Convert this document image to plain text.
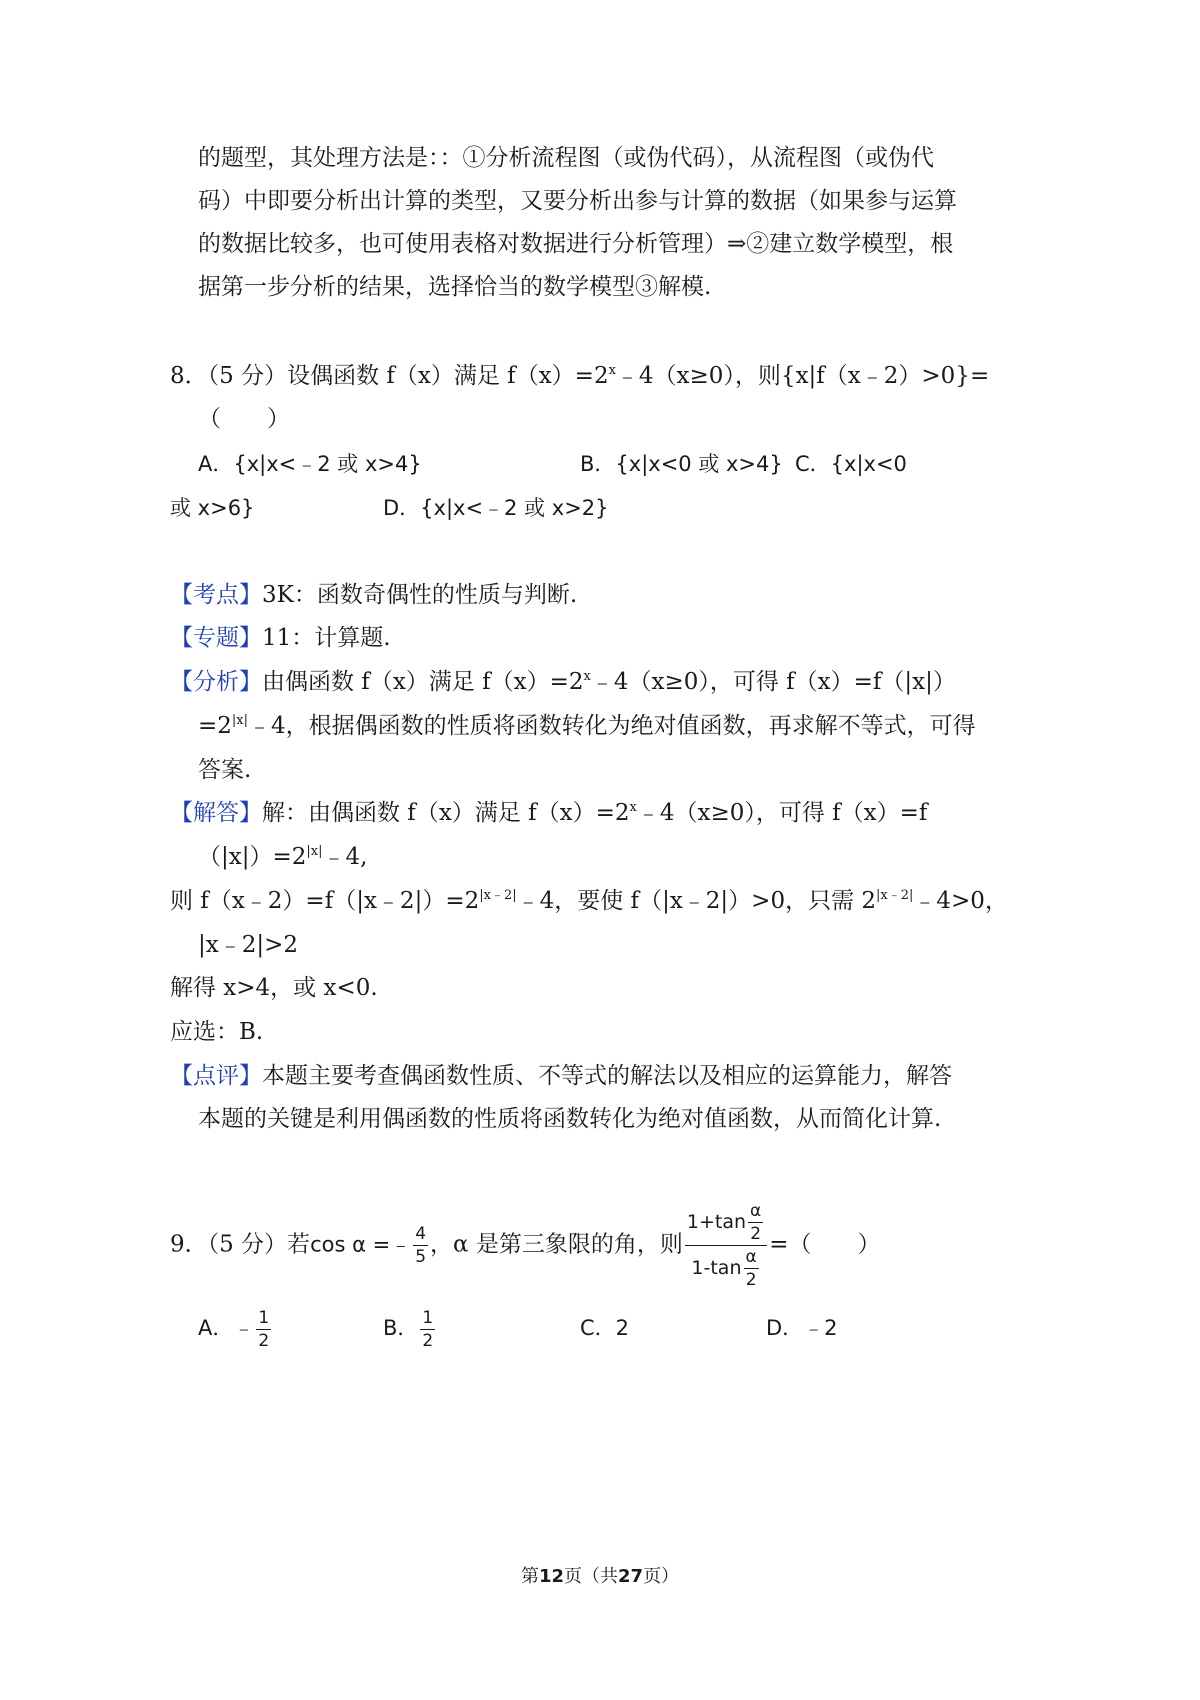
的题型，其处理方法是：：①分析流程图（或伪代码），从流程图（或伪代
码）中即要分析出计算的类型，又要分析出参与计算的数据（如果参与运算
的数据比较多，也可使用表格对数据进行分析管理）⇒②建立数学模型，根
据第一步分析的结果，选择恰当的数学模型③解模.
8．（5 分）设偶函数 f（x）满足 $f(x)=2^x﹣4(x\ge 0)$，则{x|f（x﹣2）>0}=
（　　）
A．{x|x<﹣2 或 x>4}	B．{x|x<0 或 x>4} C．{x|x<0
或 x>6}	D．{x|x<﹣2 或 x>2}
【考点】3K：函数奇偶性的性质与判断.
【专题】11：计算题.
【分析】由偶函数 f（x）满足 $f(x)=2^x﹣4(x\ge 0)$，可得 f（x）=f（|x|）
$=2^{|x|}﹣4$，根据偶函数的性质将函数转化为绝对值函数，再求解不等式，可得
答案.
【解答】解：由偶函数 f（x）满足 $f(x)=2^x﹣4(x\ge 0)$，可得 f（x）=f
$(|x|)=2^{|x|}﹣4$,
则 $f(x﹣2)=f(|x﹣2|)=2^{|x﹣2|}﹣4$，要使 f（|x﹣2|）>0，只需 $2^{|x﹣2|}﹣4>0$，
|x﹣2|>2
解得 x>4，或 x<0.
应选：B.
【点评】本题主要考查偶函数性质、不等式的解法以及相应的运算能力，解答
本题的关键是利用偶函数的性质将函数转化为绝对值函数，从而简化计算.
9．（5 分）若cos α =﹣ $\frac{4}{5}$ ，α 是第三象限的角，则 $\frac{1+\tan \frac{\alpha}{2}}{1-\tan \frac{\alpha}{2}}$ =（　　）
A．﹣ $\frac{1}{2}$	B． $\frac{1}{2}$	C．2	D．﹣2
第12页（共27页）
